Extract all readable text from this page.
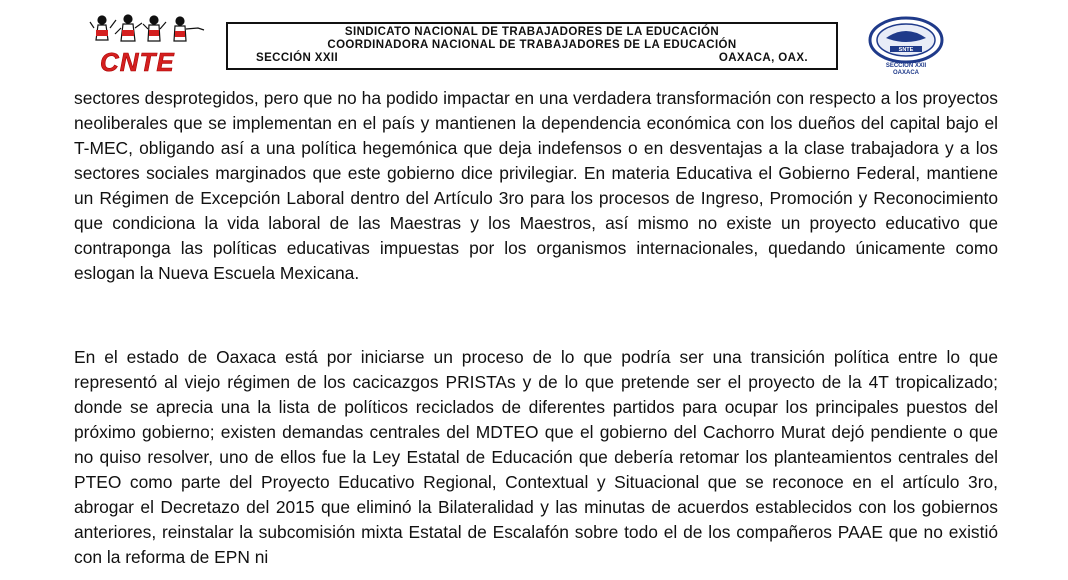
CNTE
SINDICATO NACIONAL DE TRABAJADORES DE LA EDUCACIÓN
COORDINADORA NACIONAL DE TRABAJADORES DE LA EDUCACIÓN
SECCIÓN XXII	OAXACA, OAX.
SNTE
SECCION XXII
OAXACA

sectores desprotegidos, pero que no ha podido impactar en una verdadera transformación con respecto a los proyectos neoliberales que se implementan en el país y mantienen la dependencia económica con los dueños del capital bajo el T-MEC, obligando así a una política hegemónica que deja indefensos o en desventajas a la clase trabajadora y a los sectores sociales marginados que este gobierno dice privilegiar. En materia Educativa el Gobierno Federal, mantiene un Régimen de Excepción Laboral dentro del Artículo 3ro para los procesos de Ingreso, Promoción y Reconocimiento que condiciona la vida laboral de las Maestras y los Maestros, así mismo no existe un proyecto educativo que contraponga las políticas educativas impuestas por los organismos internacionales, quedando únicamente como eslogan la Nueva Escuela Mexicana.

En el estado de Oaxaca está por iniciarse un proceso de lo que podría ser una transición política entre lo que representó al viejo régimen de los cacicazgos PRISTAs y de lo que pretende ser el proyecto de la 4T tropicalizado; donde se aprecia una la lista de políticos reciclados de diferentes partidos para ocupar los principales puestos del próximo gobierno; existen demandas centrales del MDTEO que el gobierno del Cachorro Murat dejó pendiente o que no quiso resolver, uno de ellos fue la Ley Estatal de Educación que debería retomar los planteamientos centrales del PTEO como parte del Proyecto Educativo Regional, Contextual y Situacional que se reconoce en el artículo 3ro, abrogar el Decretazo del 2015 que eliminó la Bilateralidad y las minutas de acuerdos establecidos con los gobiernos anteriores, reinstalar la subcomisión mixta Estatal de Escalafón sobre todo el de los compañeros PAAE que no existió con la reforma de EPN ni
